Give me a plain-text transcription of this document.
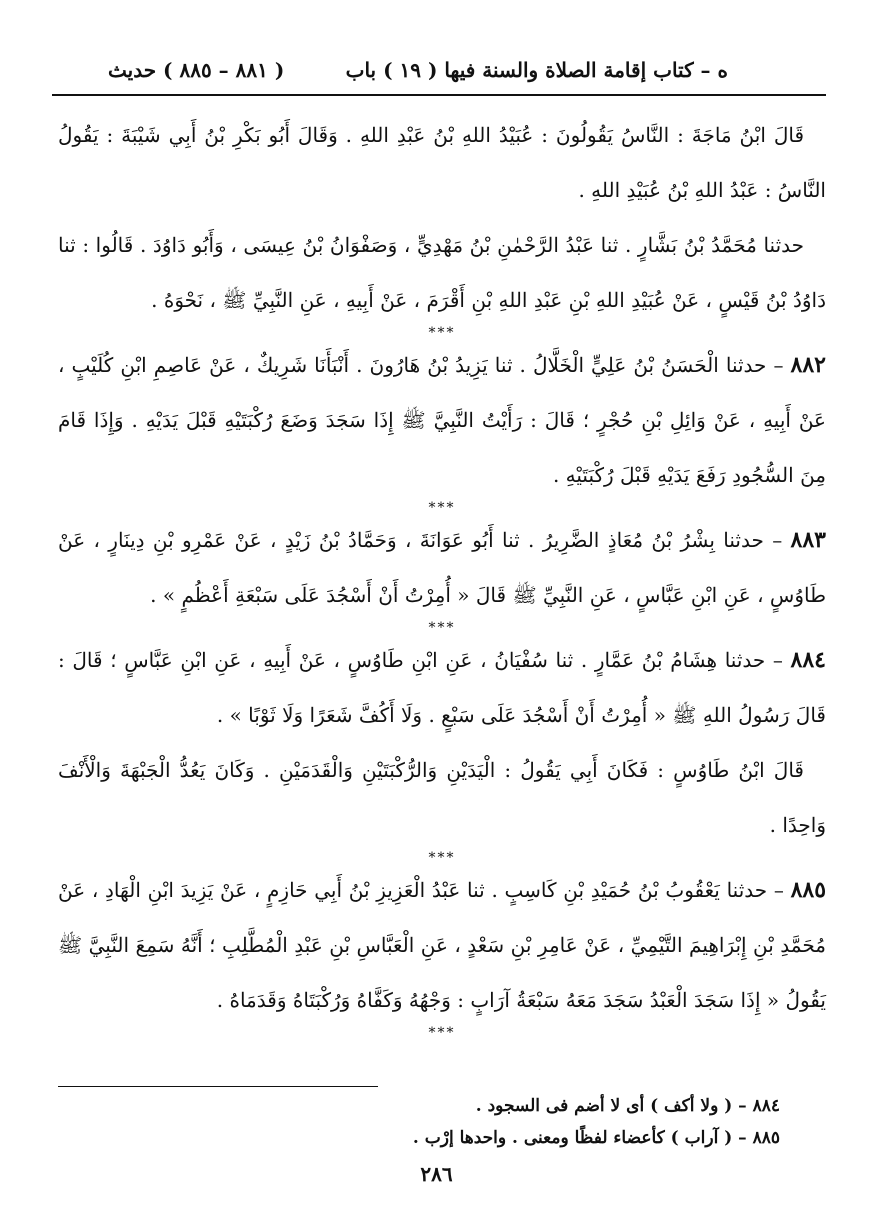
ه – كتاب إقامة الصلاة والسنة فيها ( ١٩ ) باب
( ٨٨١ – ٨٨٥ ) حديث

قَالَ ابْنُ مَاجَةَ : النَّاسُ يَقُولُونَ : عُبَيْدُ اللهِ بْنُ عَبْدِ اللهِ . وَقَالَ أَبُو بَكْرِ بْنُ أَبِي شَيْبَةَ : يَقُولُ النَّاسُ : عَبْدُ اللهِ بْنُ عُبَيْدِ اللهِ .

حدثنا مُحَمَّدُ بْنُ بَشَّارٍ . ثنا عَبْدُ الرَّحْمٰنِ بْنُ مَهْدِيٍّ ، وَصَفْوَانُ بْنُ عِيسَى ، وَأَبُو دَاوُدَ . قَالُوا : ثنا دَاوُدُ بْنُ قَيْسٍ ، عَنْ عُبَيْدِ اللهِ بْنِ عَبْدِ اللهِ بْنِ أَقْرَمَ ، عَنْ أَبِيهِ ، عَنِ النَّبِيِّ ﷺ ، نَحْوَهُ .

***

٨٨٢ – حدثنا الْحَسَنُ بْنُ عَلِيٍّ الْخَلَّالُ . ثنا يَزِيدُ بْنُ هَارُونَ . أَنْبَأَنَا شَرِيكٌ ، عَنْ عَاصِمِ ابْنِ كُلَيْبٍ ، عَنْ أَبِيهِ ، عَنْ وَائِلِ بْنِ حُجْرٍ ؛ قَالَ : رَأَيْتُ النَّبِيَّ ﷺ إِذَا سَجَدَ وَضَعَ رُكْبَتَيْهِ قَبْلَ يَدَيْهِ . وَإِذَا قَامَ مِنَ السُّجُودِ رَفَعَ يَدَيْهِ قَبْلَ رُكْبَتَيْهِ .

***

٨٨٣ – حدثنا بِشْرُ بْنُ مُعَاذٍ الضَّرِيرُ . ثنا أَبُو عَوَانَةَ ، وَحَمَّادُ بْنُ زَيْدٍ ، عَنْ عَمْرِو بْنِ دِينَارٍ ، عَنْ طَاوُسٍ ، عَنِ ابْنِ عَبَّاسٍ ، عَنِ النَّبِيِّ ﷺ قَالَ « أُمِرْتُ أَنْ أَسْجُدَ عَلَى سَبْعَةِ أَعْظُمٍ » .

***

٨٨٤ – حدثنا هِشَامُ بْنُ عَمَّارٍ . ثنا سُفْيَانُ ، عَنِ ابْنِ طَاوُسٍ ، عَنْ أَبِيهِ ، عَنِ ابْنِ عَبَّاسٍ ؛ قَالَ : قَالَ رَسُولُ اللهِ ﷺ « أُمِرْتُ أَنْ أَسْجُدَ عَلَى سَبْعٍ . وَلَا أَكُفَّ شَعَرًا وَلَا ثَوْبًا » .

قَالَ ابْنُ طَاوُسٍ : فَكَانَ أَبِي يَقُولُ : الْيَدَيْنِ وَالرُّكْبَتَيْنِ وَالْقَدَمَيْنِ . وَكَانَ يَعُدُّ الْجَبْهَةَ وَالْأَنْفَ وَاحِدًا .

***

٨٨٥ – حدثنا يَعْقُوبُ بْنُ حُمَيْدِ بْنِ كَاسِبٍ . ثنا عَبْدُ الْعَزِيزِ بْنُ أَبِي حَازِمٍ ، عَنْ يَزِيدَ ابْنِ الْهَادِ ، عَنْ مُحَمَّدِ بْنِ إِبْرَاهِيمَ التَّيْمِيِّ ، عَنْ عَامِرِ بْنِ سَعْدٍ ، عَنِ الْعَبَّاسِ بْنِ عَبْدِ الْمُطَّلِبِ ؛ أَنَّهُ سَمِعَ النَّبِيَّ ﷺ يَقُولُ « إِذَا سَجَدَ الْعَبْدُ سَجَدَ مَعَهُ سَبْعَةُ آرَابٍ : وَجْهُهُ وَكَفَّاهُ وَرُكْبَتَاهُ وَقَدَمَاهُ .

***

٨٨٤ – ( ولا أكف ) أى لا أضم فى السجود .

٨٨٥ – ( آراب ) كأعضاء لفظًا ومعنى . واحدها إرْب .

٢٨٦
